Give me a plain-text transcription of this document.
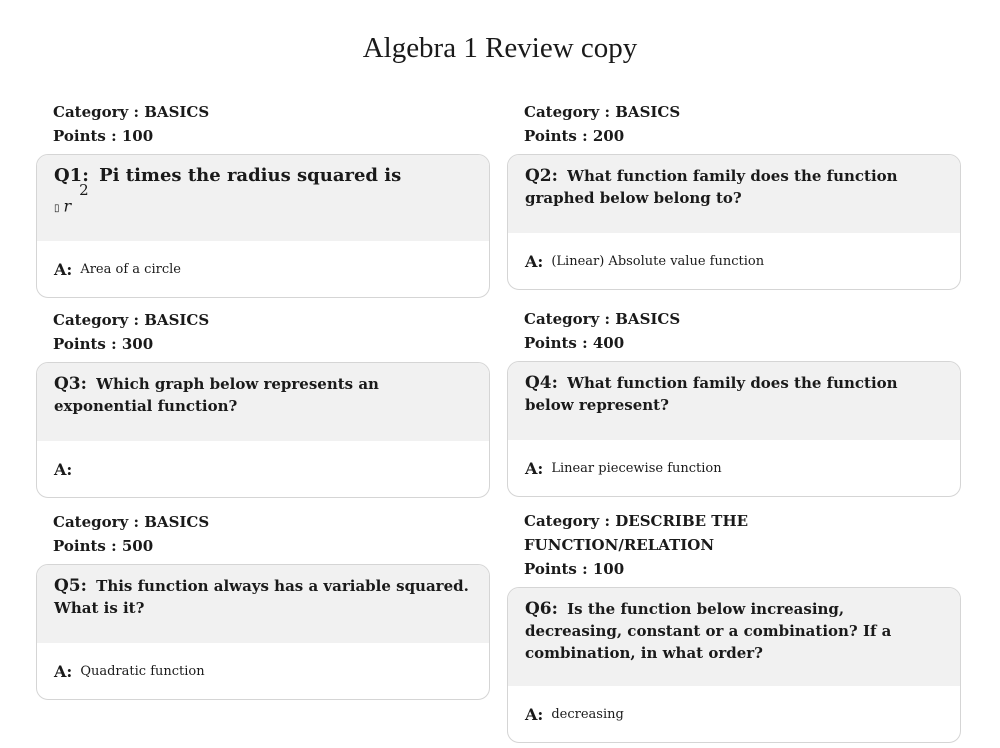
Algebra 1 Review copy
Category : BASICS
Points : 100
Q1: Pi times the radius squared is
▯ $r^2$
A: Area of a circle
Category : BASICS
Points : 300
Q3: Which graph below represents an exponential function?
A:
Category : BASICS
Points : 500
Q5: This function always has a variable squared. What is it?
A: Quadratic function
Category : BASICS
Points : 200
Q2: What function family does the function graphed below belong to?
A: (Linear) Absolute value function
Category : BASICS
Points : 400
Q4: What function family does the function below represent?
A: Linear piecewise function
Category : DESCRIBE THE
FUNCTION/RELATION
Points : 100
Q6: Is the function below increasing, decreasing, constant or a combination? If a combination, in what order?
A: decreasing
